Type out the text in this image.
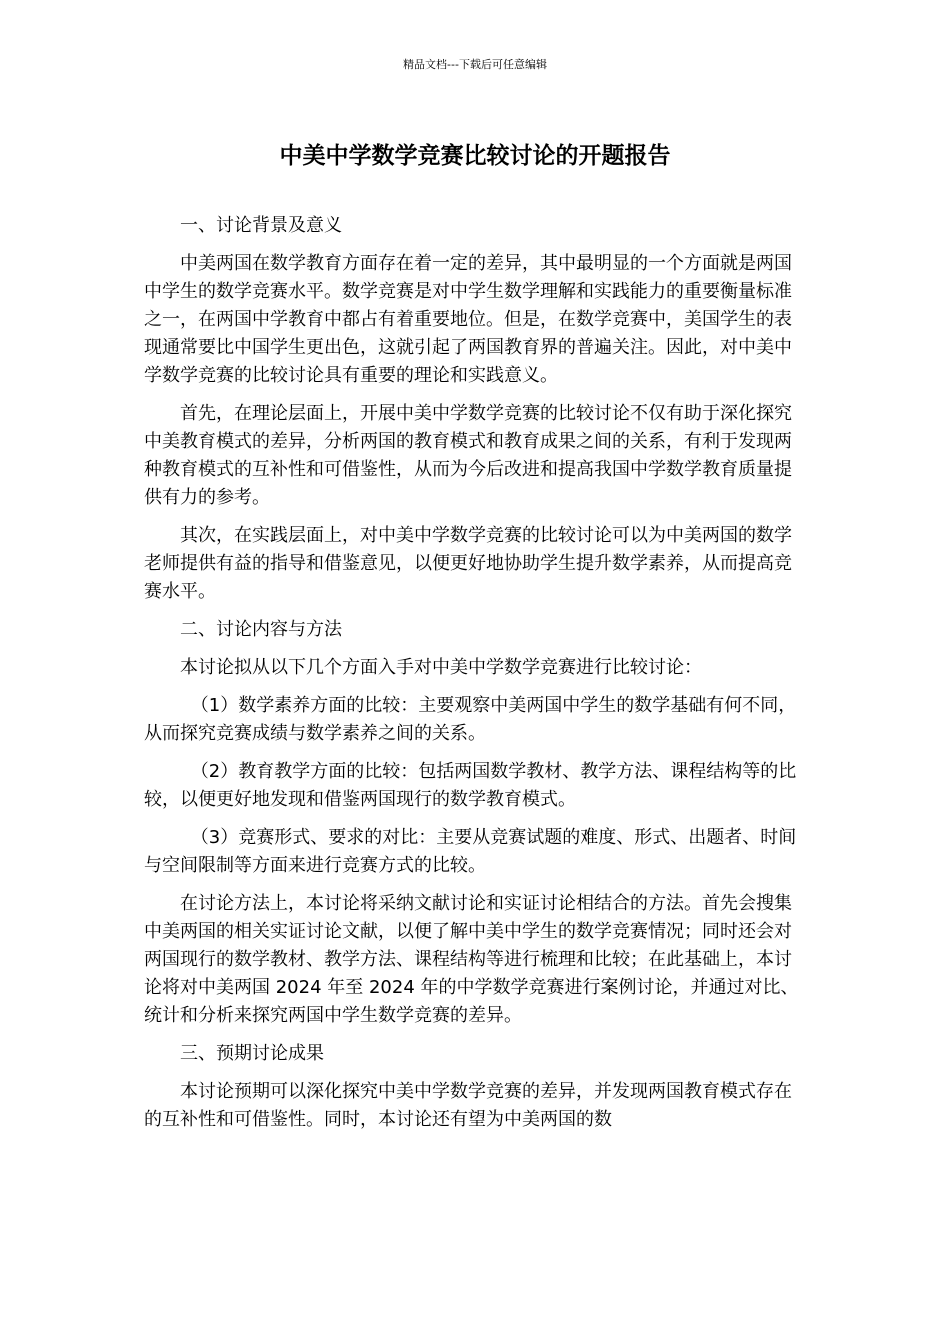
精品文档---下载后可任意编辑
中美中学数学竞赛比较讨论的开题报告

一、讨论背景及意义

中美两国在数学教育方面存在着一定的差异，其中最明显的一个方面就是两国中学生的数学竞赛水平。数学竞赛是对中学生数学理解和实践能力的重要衡量标准之一，在两国中学教育中都占有着重要地位。但是，在数学竞赛中，美国学生的表现通常要比中国学生更出色，这就引起了两国教育界的普遍关注。因此，对中美中学数学竞赛的比较讨论具有重要的理论和实践意义。

首先，在理论层面上，开展中美中学数学竞赛的比较讨论不仅有助于深化探究中美教育模式的差异，分析两国的教育模式和教育成果之间的关系，有利于发现两种教育模式的互补性和可借鉴性，从而为今后改进和提高我国中学数学教育质量提供有力的参考。

其次，在实践层面上，对中美中学数学竞赛的比较讨论可以为中美两国的数学老师提供有益的指导和借鉴意见，以便更好地协助学生提升数学素养，从而提高竞赛水平。

二、讨论内容与方法

本讨论拟从以下几个方面入手对中美中学数学竞赛进行比较讨论：

（1）数学素养方面的比较：主要观察中美两国中学生的数学基础有何不同，从而探究竞赛成绩与数学素养之间的关系。

（2）教育教学方面的比较：包括两国数学教材、教学方法、课程结构等的比较，以便更好地发现和借鉴两国现行的数学教育模式。

（3）竞赛形式、要求的对比：主要从竞赛试题的难度、形式、出题者、时间与空间限制等方面来进行竞赛方式的比较。

在讨论方法上，本讨论将采纳文献讨论和实证讨论相结合的方法。首先会搜集中美两国的相关实证讨论文献，以便了解中美中学生的数学竞赛情况；同时还会对两国现行的数学教材、教学方法、课程结构等进行梳理和比较；在此基础上，本讨论将对中美两国 2024 年至 2024 年的中学数学竞赛进行案例讨论，并通过对比、统计和分析来探究两国中学生数学竞赛的差异。

三、预期讨论成果

本讨论预期可以深化探究中美中学数学竞赛的差异，并发现两国教育模式存在的互补性和可借鉴性。同时，本讨论还有望为中美两国的数
